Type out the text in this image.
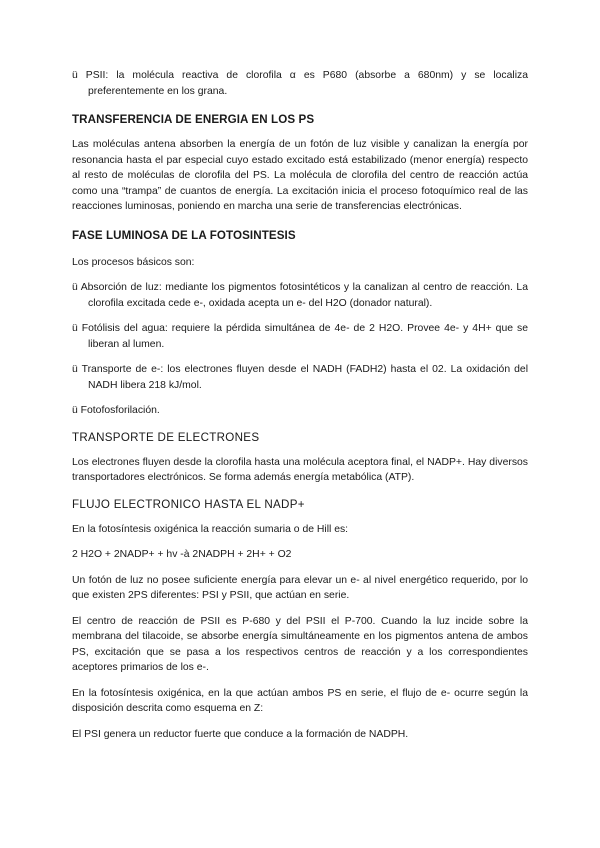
ü PSII: la molécula reactiva de clorofila α es P680 (absorbe a 680nm) y se localiza preferentemente en los grana.

TRANSFERENCIA DE ENERGIA EN LOS PS

Las moléculas antena absorben la energía de un fotón de luz visible y canalizan la energía por resonancia hasta el par especial cuyo estado excitado está estabilizado (menor energía) respecto al resto de moléculas de clorofila del PS. La molécula de clorofila del centro de reacción actúa como una “trampa” de cuantos de energía. La excitación inicia el proceso fotoquímico real de las reacciones luminosas, poniendo en marcha una serie de transferencias electrónicas.

FASE LUMINOSA DE LA FOTOSINTESIS

Los procesos básicos son:

ü Absorción de luz: mediante los pigmentos fotosintéticos y la canalizan al centro de reacción. La clorofila excitada cede e-, oxidada acepta un e- del H2O (donador natural).

ü Fotólisis del agua: requiere la pérdida simultánea de 4e- de 2 H2O. Provee 4e- y 4H+ que se liberan al lumen.

ü Transporte de e-: los electrones fluyen desde el NADH (FADH2) hasta el 02. La oxidación del NADH libera 218 kJ/mol.

ü Fotofosforilación.

TRANSPORTE DE ELECTRONES

Los electrones fluyen desde la clorofila hasta una molécula aceptora final, el NADP+. Hay diversos transportadores electrónicos. Se forma además energía metabólica (ATP).

FLUJO ELECTRONICO HASTA EL NADP+

En la fotosíntesis oxigénica la reacción sumaria o de Hill es:

2 H2O + 2NADP+ + hv -à 2NADPH + 2H+ + O2

Un fotón de luz no posee suficiente energía para elevar un e- al nivel energético requerido, por lo que existen 2PS diferentes: PSI y PSII, que actúan en serie.

El centro de reacción de PSII es P-680 y del PSII el P-700. Cuando la luz incide sobre la membrana del tilacoide, se absorbe energía simultáneamente en los pigmentos antena de ambos PS, excitación que se pasa a los respectivos centros de reacción y a los correspondientes aceptores primarios de los e-.

En la fotosíntesis oxigénica, en la que actúan ambos PS en serie, el flujo de e- ocurre según la disposición descrita como esquema en Z:

El PSI genera un reductor fuerte que conduce a la formación de NADPH.
